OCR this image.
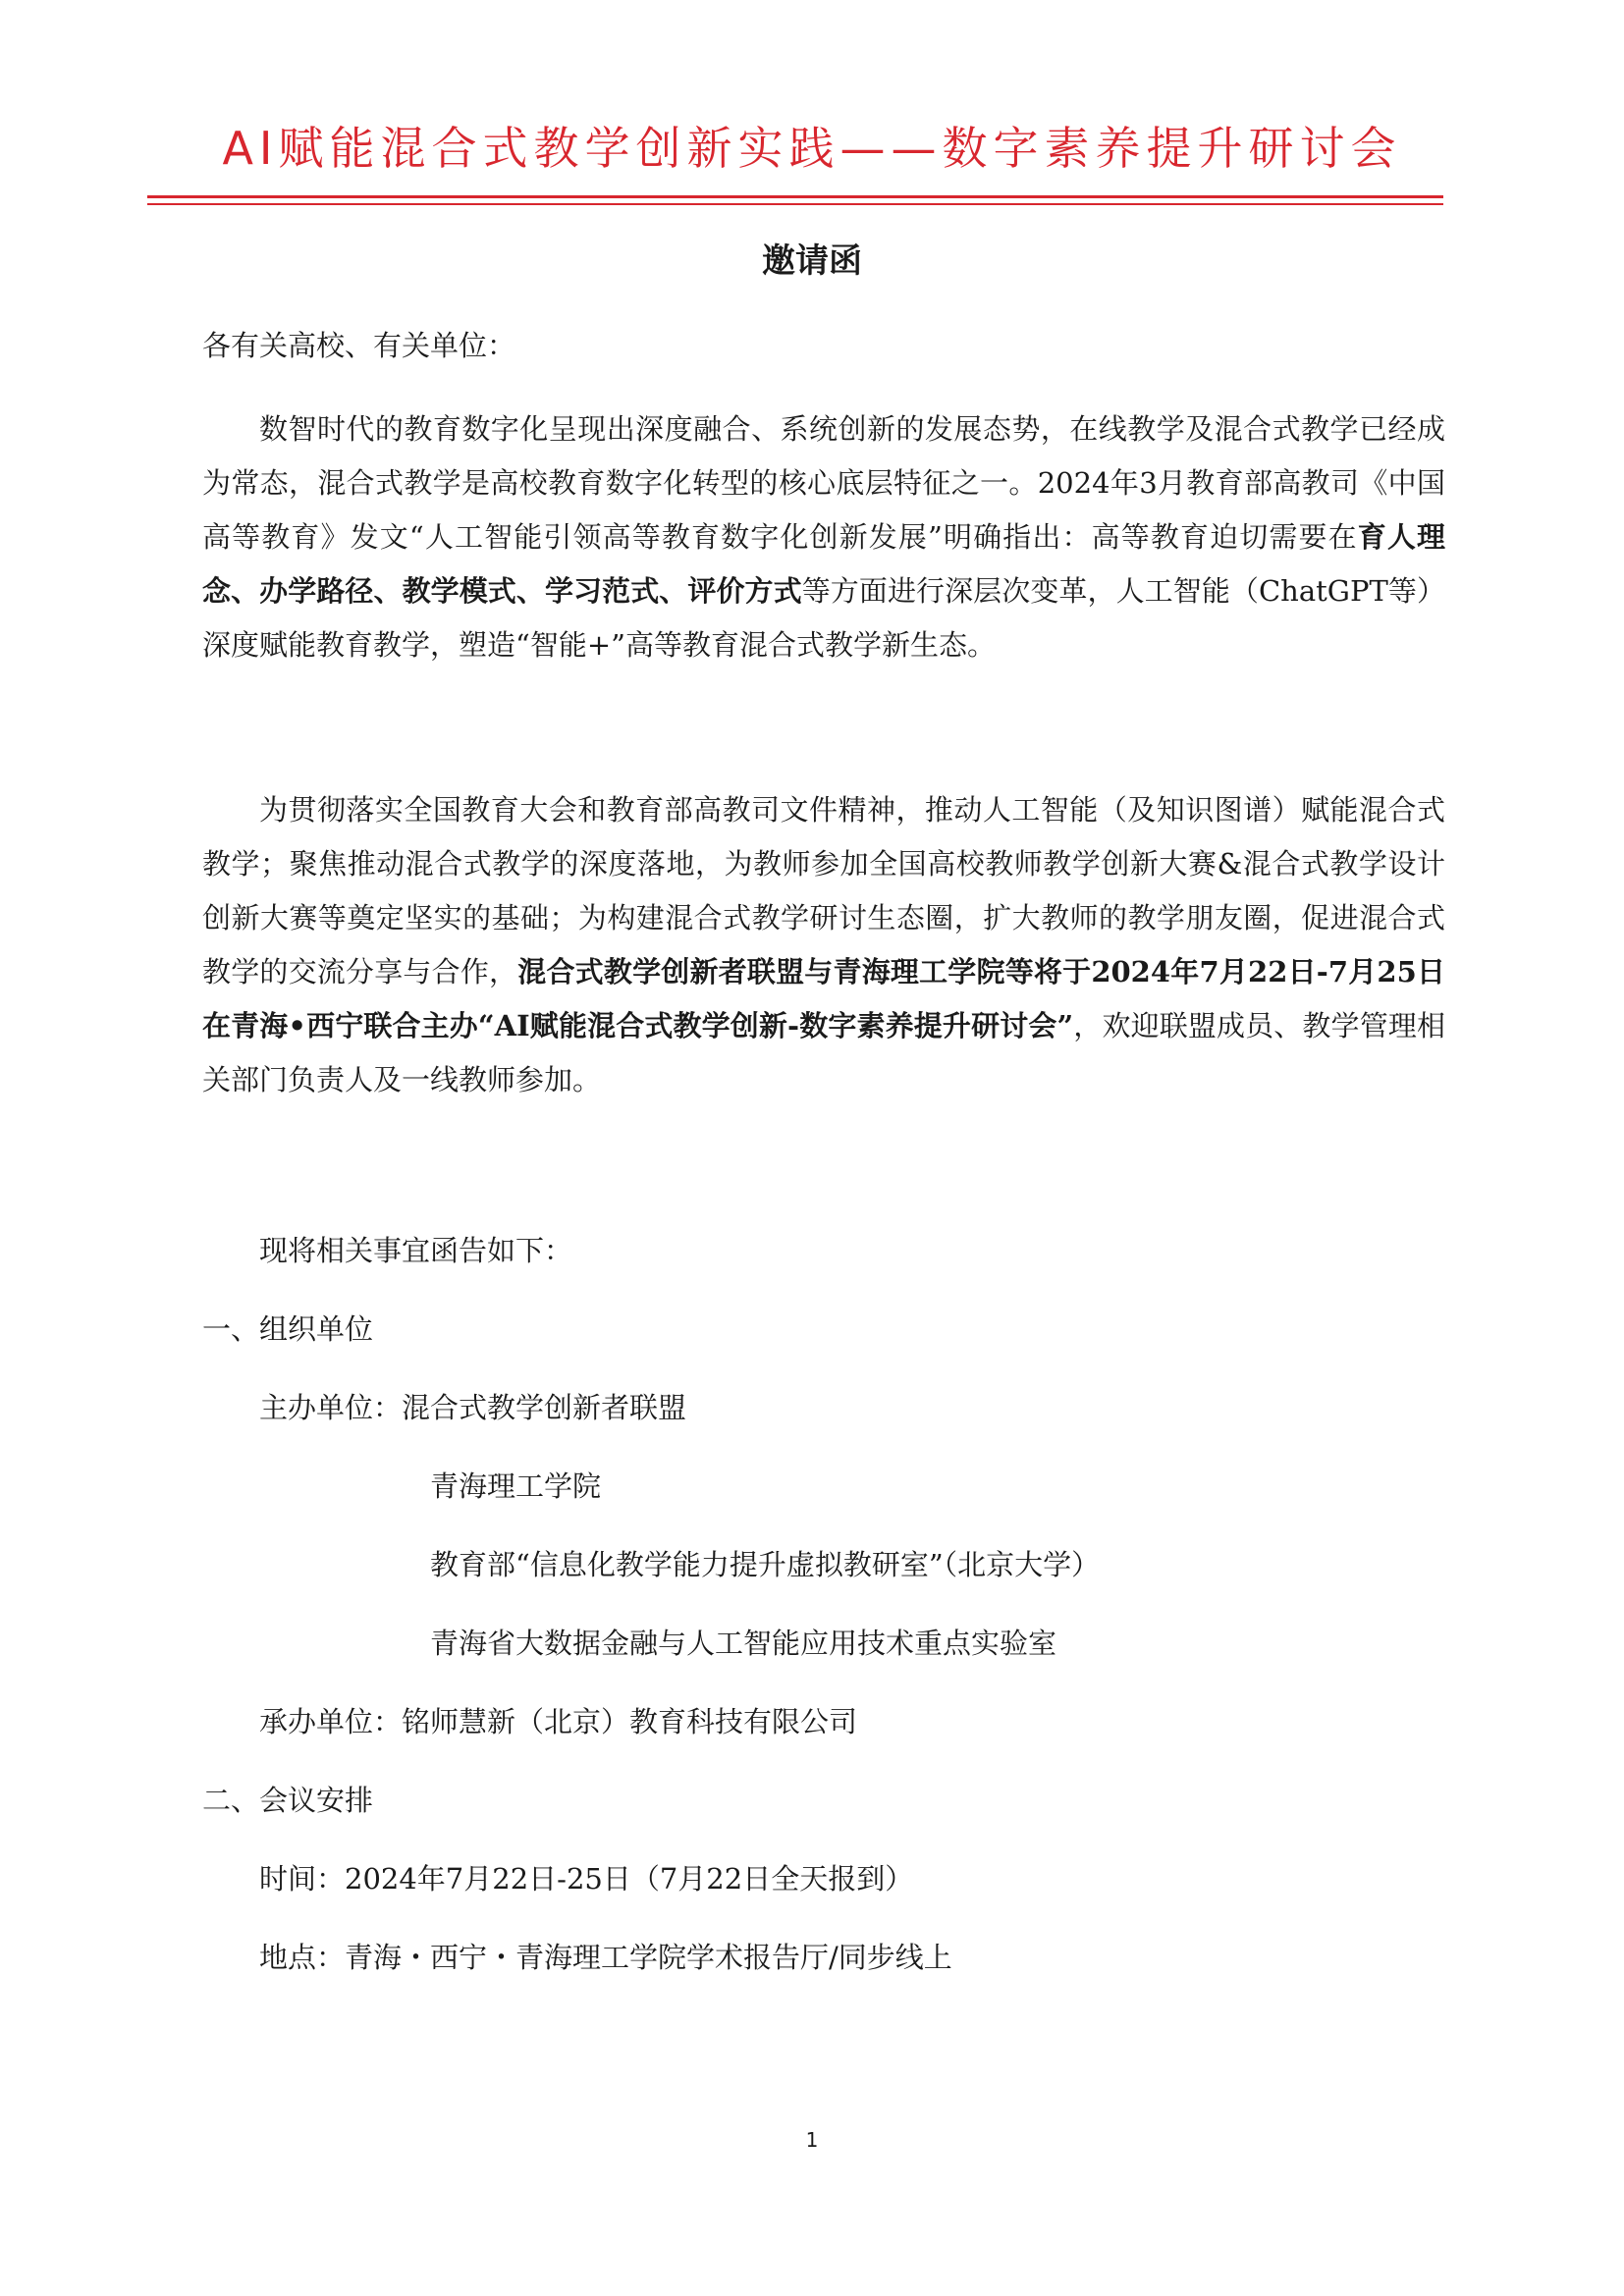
AI赋能混合式教学创新实践——数字素养提升研讨会
邀请函
各有关高校、有关单位：

数智时代的教育数字化呈现出深度融合、系统创新的发展态势，在线教学及混合式教学已经成为常态，混合式教学是高校教育数字化转型的核心底层特征之一。2024年3月教育部高教司《中国高等教育》发文“人工智能引领高等教育数字化创新发展”明确指出：高等教育迫切需要在育人理念、办学路径、教学模式、学习范式、评价方式等方面进行深层次变革，人工智能（ChatGPT等）深度赋能教育教学，塑造“智能+”高等教育混合式教学新生态。

为贯彻落实全国教育大会和教育部高教司文件精神，推动人工智能（及知识图谱）赋能混合式教学；聚焦推动混合式教学的深度落地，为教师参加全国高校教师教学创新大赛&混合式教学设计创新大赛等奠定坚实的基础；为构建混合式教学研讨生态圈，扩大教师的教学朋友圈，促进混合式教学的交流分享与合作，混合式教学创新者联盟与青海理工学院等将于2024年7月22日-7月25日在青海•西宁联合主办“AI赋能混合式教学创新-数字素养提升研讨会”，欢迎联盟成员、教学管理相关部门负责人及一线教师参加。

现将相关事宜函告如下：
一、组织单位
主办单位：混合式教学创新者联盟
青海理工学院
教育部“信息化教学能力提升虚拟教研室”（北京大学）
青海省大数据金融与人工智能应用技术重点实验室
承办单位：铭师慧新（北京）教育科技有限公司
二、会议安排
时间：2024年7月22日-25日（7月22日全天报到）
地点：青海・西宁・青海理工学院学术报告厅/同步线上
1
